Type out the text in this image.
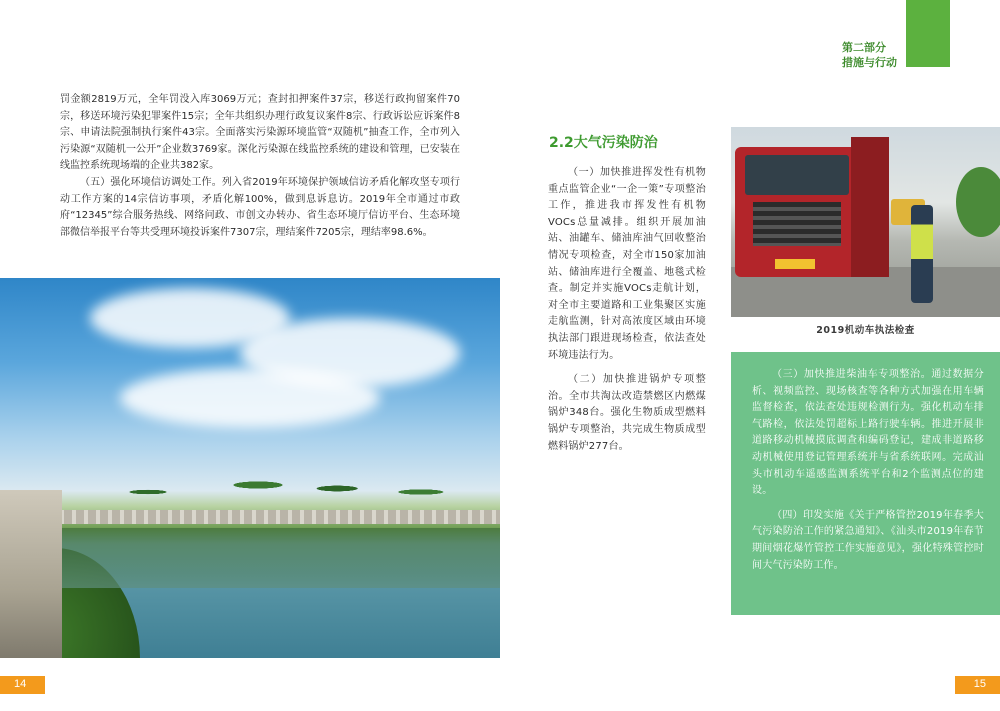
罚金额2819万元，全年罚没入库3069万元；查封扣押案件37宗，移送行政拘留案件70宗，移送环境污染犯罪案件15宗；全年共组织办理行政复议案件8宗、行政诉讼应诉案件8宗、申请法院强制执行案件43宗。全面落实污染源环境监管“双随机”抽查工作，全市列入污染源“双随机一公开”企业数3769家。深化污染源在线监控系统的建设和管理，已安装在线监控系统现场端的企业共382家。

（五）强化环境信访调处工作。列入省2019年环境保护领域信访矛盾化解攻坚专项行动工作方案的14宗信访事项，矛盾化解100%，做到息诉息访。2019年全市通过市政府“12345”综合服务热线、网络问政、市创文办转办、省生态环境厅信访平台、生态环境部微信举报平台等共受理环境投诉案件7307宗，理结案件7205宗，理结率98.6%。

14
第二部分
措施与行动
2.2大气污染防治

（一）加快推进挥发性有机物重点监管企业“一企一策”专项整治工作，推进我市挥发性有机物VOCs总量减排。组织开展加油站、油罐车、储油库油气回收整治情况专项检查，对全市150家加油站、储油库进行全覆盖、地毯式检查。制定并实施VOCs走航计划，对全市主要道路和工业集聚区实施走航监测，针对高浓度区域由环境执法部门跟进现场检查，依法查处环境违法行为。

（二）加快推进锅炉专项整治。全市共淘汰改造禁燃区内燃煤锅炉348台。强化生物质成型燃料锅炉专项整治，共完成生物质成型燃料锅炉277台。

2019机动车执法检查

（三）加快推进柴油车专项整治。通过数据分析、视频监控、现场核查等各种方式加强在用车辆监督检查，依法查处违规检测行为。强化机动车排气路检，依法处罚超标上路行驶车辆。推进开展非道路移动机械摸底调查和编码登记，建成非道路移动机械使用登记管理系统并与省系统联网。完成汕头市机动车遥感监测系统平台和2个监测点位的建设。

（四）印发实施《关于严格管控2019年春季大气污染防治工作的紧急通知》、《汕头市2019年春节期间烟花爆竹管控工作实施意见》，强化特殊管控时间大气污染防工作。

15
